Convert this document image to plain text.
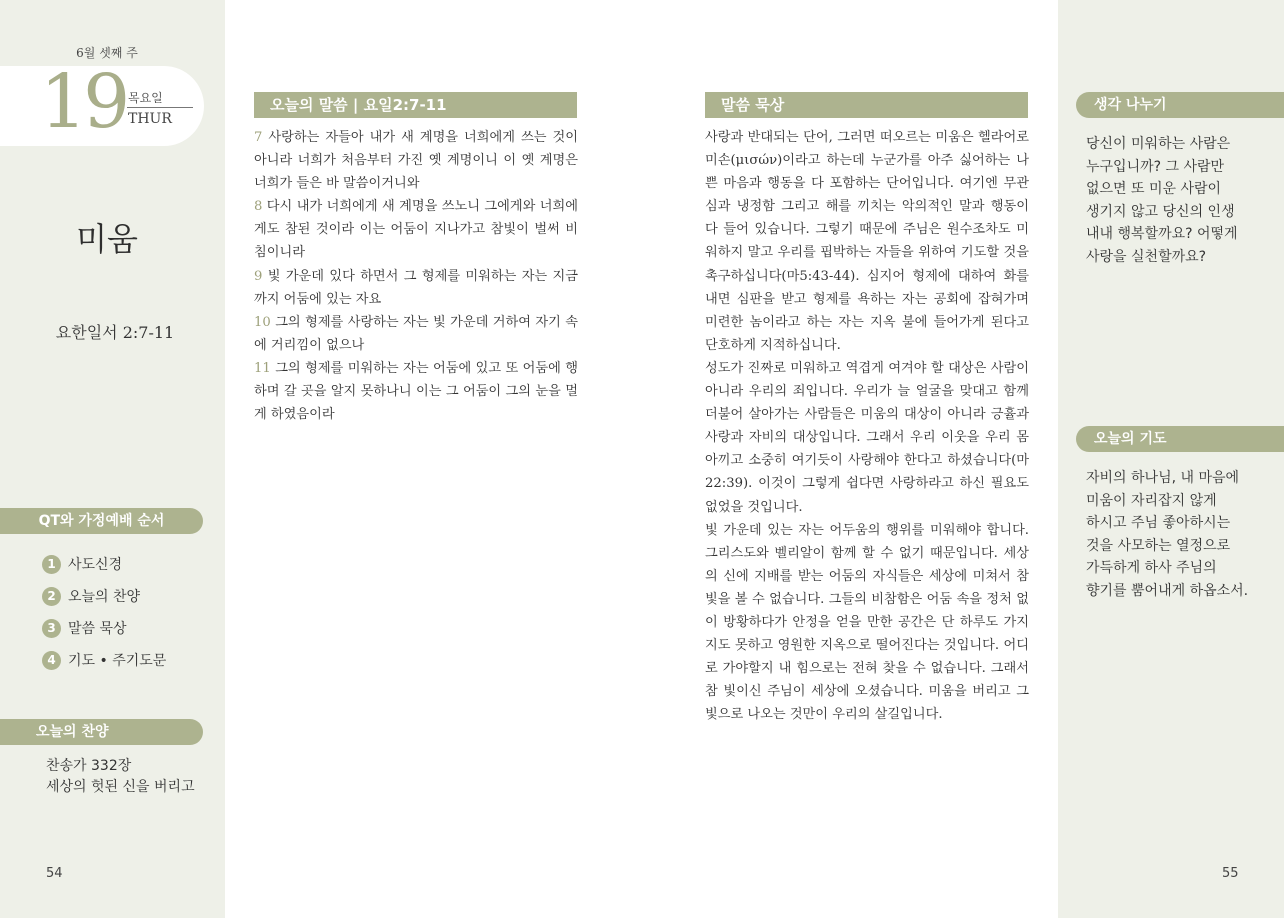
6월 셋째 주
19 목요일
THUR
미움
요한일서 2:7-11
QT와 가정예배 순서
1 사도신경
2 오늘의 찬양
3 말씀 묵상
4 기도 • 주기도문
오늘의 찬양
찬송가 332장
세상의 헛된 신을 버리고
54
오늘의 말씀 | 요일2:7-11

7 사랑하는 자들아 내가 새 계명을 너희에게 쓰는 것이 아니라 너희가 처음부터 가진 옛 계명이니 이 옛 계명은 너희가 들은 바 말씀이거니와

8 다시 내가 너희에게 새 계명을 쓰노니 그에게와 너희에게도 참된 것이라 이는 어둠이 지나가고 참빛이 벌써 비침이니라

9 빛 가운데 있다 하면서 그 형제를 미워하는 자는 지금까지 어둠에 있는 자요

10 그의 형제를 사랑하는 자는 빛 가운데 거하여 자기 속에 거리낌이 없으나

11 그의 형제를 미워하는 자는 어둠에 있고 또 어둠에 행하며 갈 곳을 알지 못하나니 이는 그 어둠이 그의 눈을 멀게 하였음이라

말씀 묵상

사랑과 반대되는 단어, 그러면 떠오르는 미움은 헬라어로 미손(μισών)이라고 하는데 누군가를 아주 싫어하는 나쁜 마음과 행동을 다 포함하는 단어입니다. 여기엔 무관심과 냉정함 그리고 해를 끼치는 악의적인 말과 행동이 다 들어 있습니다. 그렇기 때문에 주님은 원수조차도 미워하지 말고 우리를 핍박하는 자들을 위하여 기도할 것을 촉구하십니다(마5:43-44). 심지어 형제에 대하여 화를 내면 심판을 받고 형제를 욕하는 자는 공회에 잡혀가며 미련한 놈이라고 하는 자는 지옥 불에 들어가게 된다고 단호하게 지적하십니다.

성도가 진짜로 미워하고 역겹게 여겨야 할 대상은 사람이 아니라 우리의 죄입니다. 우리가 늘 얼굴을 맞대고 함께 더불어 살아가는 사람들은 미움의 대상이 아니라 긍휼과 사랑과 자비의 대상입니다. 그래서 우리 이웃을 우리 몸 아끼고 소중히 여기듯이 사랑해야 한다고 하셨습니다(마22:39). 이것이 그렇게 쉽다면 사랑하라고 하신 필요도 없었을 것입니다.

빛 가운데 있는 자는 어두움의 행위를 미워해야 합니다. 그리스도와 벨리알이 함께 할 수 없기 때문입니다. 세상의 신에 지배를 받는 어둠의 자식들은 세상에 미쳐서 참 빛을 볼 수 없습니다. 그들의 비참함은 어둠 속을 정처 없이 방황하다가 안정을 얻을 만한 공간은 단 하루도 가지지도 못하고 영원한 지옥으로 떨어진다는 것입니다. 어디로 가야할지 내 힘으로는 전혀 찾을 수 없습니다. 그래서 참 빛이신 주님이 세상에 오셨습니다. 미움을 버리고 그 빛으로 나오는 것만이 우리의 살길입니다.

생각 나누기
당신이 미워하는 사람은
누구입니까? 그 사람만
없으면 또 미운 사람이
생기지 않고 당신의 인생
내내 행복할까요? 어떻게
사랑을 실천할까요?
오늘의 기도
자비의 하나님, 내 마음에
미움이 자리잡지 않게
하시고 주님 좋아하시는
것을 사모하는 열정으로
가득하게 하사 주님의
향기를 뿜어내게 하옵소서.
55
